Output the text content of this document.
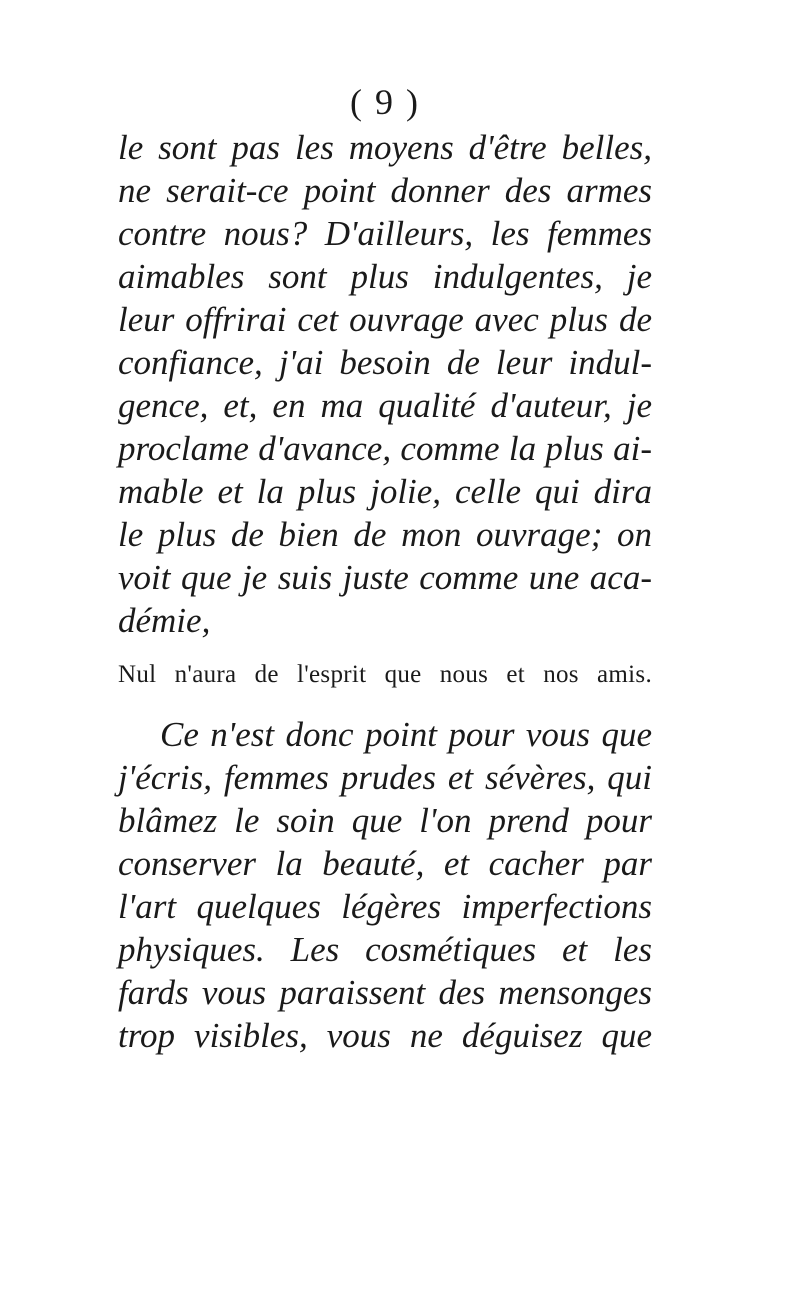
( 9 )
le sont pas les moyens d'être belles,
ne serait-ce point donner des armes
contre nous? D'ailleurs, les femmes
aimables sont plus indulgentes, je
leur offrirai cet ouvrage avec plus de
confiance, j'ai besoin de leur indul-
gence, et, en ma qualité d'auteur, je
proclame d'avance, comme la plus ai-
mable et la plus jolie, celle qui dira
le plus de bien de mon ouvrage; on
voit que je suis juste comme une aca-
démie,
Nul n'aura de l'esprit que nous et nos amis.
Ce n'est donc point pour vous que
j'écris, femmes prudes et sévères, qui
blâmez le soin que l'on prend pour
conserver la beauté, et cacher par
l'art quelques légères imperfections
physiques. Les cosmétiques et les
fards vous paraissent des mensonges
trop visibles, vous ne déguisez que
